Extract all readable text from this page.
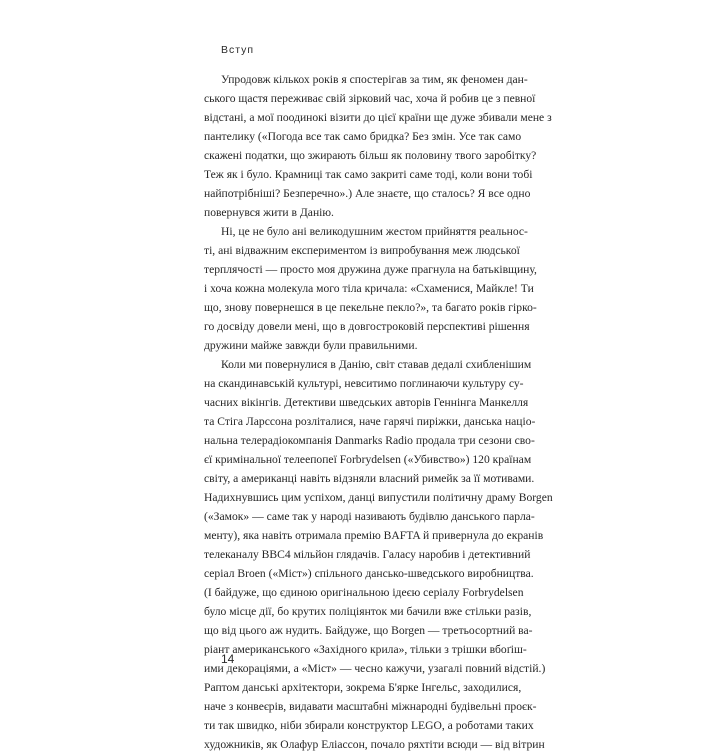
Вступ
Упродовж кількох років я спостерігав за тим, як феномен дан-
ського щастя переживає свій зірковий час, хоча й робив це з певної
відстані, а мої поодинокі візити до цієї країни ще дуже збивали мене з
пантелику («Погода все так само бридка? Без змін. Усе так само
скажені податки, що зжирають більш як половину твого заробітку?
Теж як і було. Крамниці так само закриті саме тоді, коли вони тобі
найпотрібніші? Безперечно».) Але знаєте, що сталось? Я все одно
повернувся жити в Данію.
Ні, це не було ані великодушним жестом прийняття реальнос-
ті, ані відважним експериментом із випробування меж людської
терплячості — просто моя дружина дуже прагнула на батьківщину,
і хоча кожна молекула мого тіла кричала: «Схаменися, Майкле! Ти
що, знову повернешся в це пекельне пекло?», та багато років гірко-
го досвіду довели мені, що в довгостроковій перспективі рішення
дружини майже завжди були правильними.
Коли ми повернулися в Данію, світ ставав дедалі схибленішим
на скандинавській культурі, невситимо поглинаючи культуру су-
часних вікінгів. Детективи шведських авторів Геннінга Манкелля
та Стіга Ларссона розліталися, наче гарячі пиріжки, данська націо-
нальна телерадіокомпанія Danmarks Radio продала три сезони сво-
єї кримінальної телеепопеї Forbrydelsen («Убивство») 120 країнам
світу, а американці навіть відзняли власний римейк за її мотивами.
Надихнувшись цим успіхом, данці випустили політичну драму Borgen
(«Замок» — саме так у народі називають будівлю данського парла-
менту), яка навіть отримала премію BAFTA й привернула до екранів
телеканалу BBC4 мільйон глядачів. Галасу наробив і детективний
серіал Broen («Міст») спільного дансько-шведського виробництва.
(І байдуже, що єдиною оригінальною ідеєю серіалу Forbrydelsen
було місце дії, бо крутих поліціянток ми бачили вже стільки разів,
що від цього аж нудить. Байдуже, що Borgen — третьосортний ва-
ріант американського «Західного крила», тільки з трішки вбоґіш-
ими декораціями, а «Міст» — чесно кажучи, узагалі повний відстій.)
Раптом данські архітектори, зокрема Б'ярке Інгельс, заходилися,
наче з конвеєрів, видавати масштабні міжнародні будівельні проєк-
ти так швидко, ніби збирали конструктор LEGO, а роботами таких
художників, як Олафур Еліассон, почало ряхтіти всюди — від вітрин
14
